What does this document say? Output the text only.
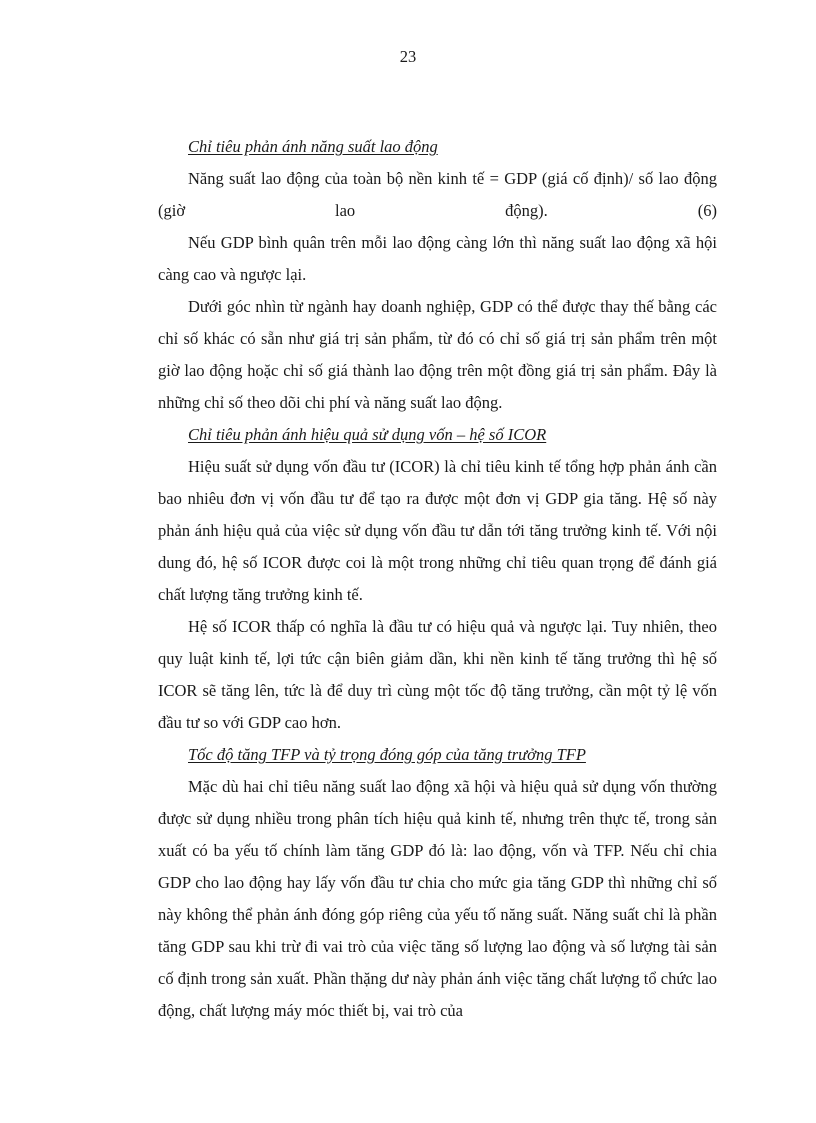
23

Chỉ tiêu phản ánh năng suất lao động

Năng suất lao động của toàn bộ nền kinh tế = GDP (giá cố định)/ số lao động (giờ lao động).	(6)

Nếu GDP bình quân trên mỗi lao động càng lớn thì năng suất lao động xã hội càng cao và ngược lại.

Dưới góc nhìn từ ngành hay doanh nghiệp, GDP có thể được thay thế bằng các chỉ số khác có sẵn như giá trị sản phẩm, từ đó có chỉ số giá trị sản phẩm trên một giờ lao động hoặc chỉ số giá thành lao động trên một đồng giá trị sản phẩm. Đây là những chỉ số theo dõi chi phí và năng suất lao động.

Chỉ tiêu phản ánh hiệu quả sử dụng vốn – hệ số ICOR

Hiệu suất sử dụng vốn đầu tư (ICOR) là chỉ tiêu kinh tế tổng hợp phản ánh cần bao nhiêu đơn vị vốn đầu tư để tạo ra được một đơn vị GDP gia tăng. Hệ số này phản ánh hiệu quả của việc sử dụng vốn đầu tư dẫn tới tăng trưởng kinh tế. Với nội dung đó, hệ số ICOR được coi là một trong những chỉ tiêu quan trọng để đánh giá chất lượng tăng trưởng kinh tế.

Hệ số ICOR thấp có nghĩa là đầu tư có hiệu quả và ngược lại. Tuy nhiên, theo quy luật kinh tế, lợi tức cận biên giảm dần, khi nền kinh tế tăng trưởng thì hệ số ICOR sẽ tăng lên, tức là để duy trì cùng một tốc độ tăng trưởng, cần một tỷ lệ vốn đầu tư so với GDP cao hơn.

Tốc độ tăng TFP và tỷ trọng đóng góp của tăng trưởng TFP

Mặc dù hai chỉ tiêu năng suất lao động xã hội và hiệu quả sử dụng vốn thường được sử dụng nhiều trong phân tích hiệu quả kinh tế, nhưng trên thực tế, trong sản xuất có ba yếu tố chính làm tăng GDP đó là: lao động, vốn và TFP. Nếu chỉ chia GDP cho lao động hay lấy vốn đầu tư chia cho mức gia tăng GDP thì những chỉ số này không thể phản ánh đóng góp riêng của yếu tố năng suất. Năng suất chỉ là phần tăng GDP sau khi trừ đi vai trò của việc tăng số lượng lao động và số lượng tài sản cố định trong sản xuất. Phần thặng dư này phản ánh việc tăng chất lượng tổ chức lao động, chất lượng máy móc thiết bị, vai trò của
